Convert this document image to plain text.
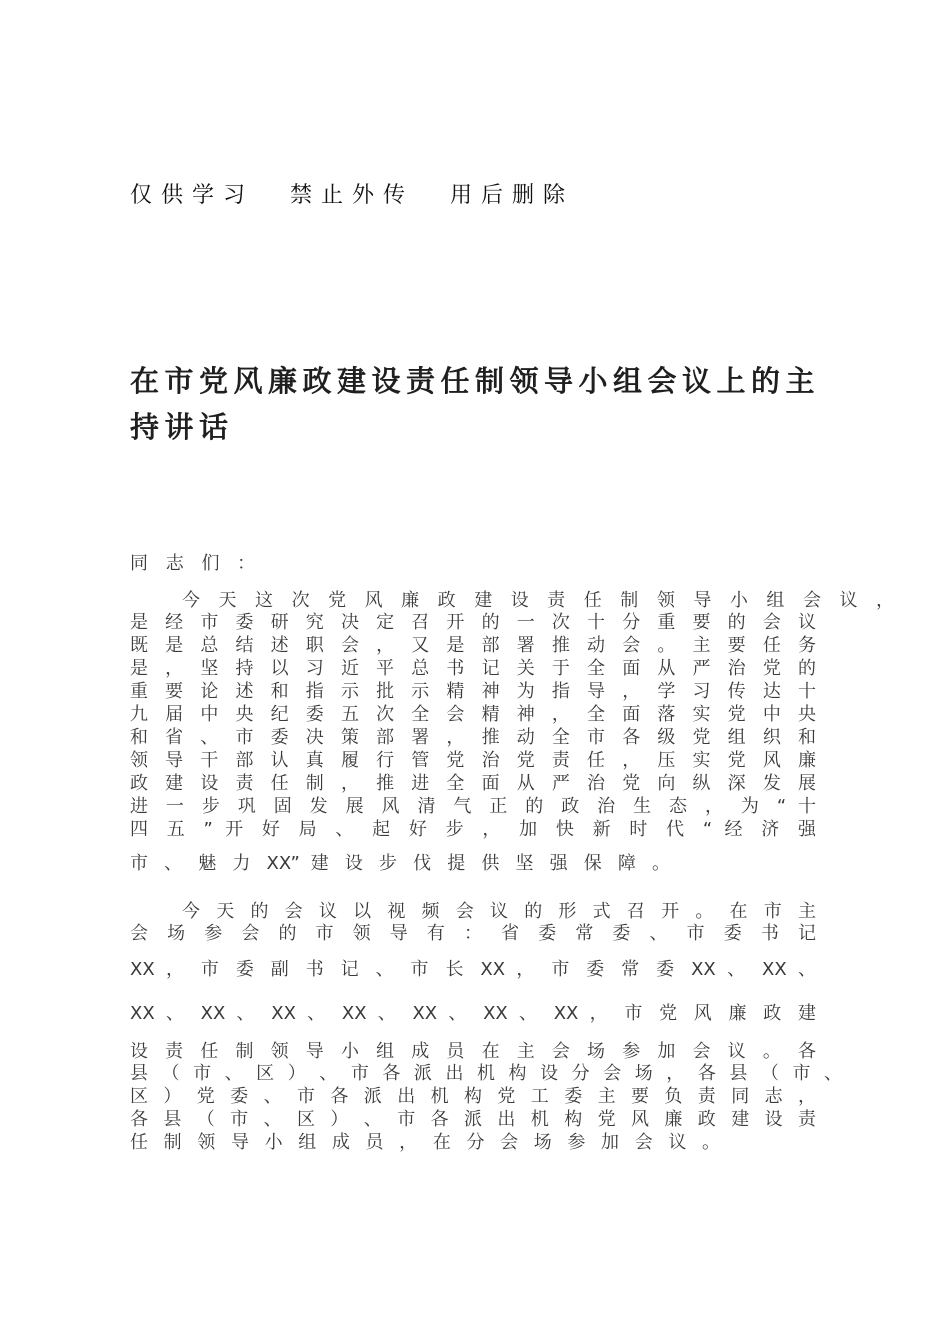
仅供学习 禁止外传 用后删除
在市党风廉政建设责任制领导小组会议上的主持讲话
同 志 们 ：
今 天 这 次 党 风 廉 政 建 设 责 任 制 领 导 小 组 会 议 ，
是 经 市 委 研 究 决 定 召 开 的 一 次 十 分 重 要 的 会 议
既 是 总 结 述 职 会 ， 又 是 部 署 推 动 会 。 主 要 任 务
是 ， 坚 持 以 习 近 平 总 书 记 关 于 全 面 从 严 治 党 的
重 要 论 述 和 指 示 批 示 精 神 为 指 导 ， 学 习 传 达 十
九 届 中 央 纪 委 五 次 全 会 精 神 ， 全 面 落 实 党 中 央
和 省 、 市 委 决 策 部 署 ， 推 动 全 市 各 级 党 组 织 和
领 导 干 部 认 真 履 行 管 党 治 党 责 任 ， 压 实 党 风 廉
政 建 设 责 任 制 ， 推 进 全 面 从 严 治 党 向 纵 深 发 展
进 一 步 巩 固 发 展 风 清 气 正 的 政 治 生 态 ， 为 “ 十
四 五 ” 开 好 局 、 起 好 步 ， 加 快 新 时 代 “ 经 济 强
市 、 魅 力 XX” 建 设 步 伐 提 供 坚 强 保 障 。
今 天 的 会 议 以 视 频 会 议 的 形 式 召 开 。 在 市 主
会 场 参 会 的 市 领 导 有 ： 省 委 常 委 、 市 委 书 记
XX ， 市 委 副 书 记 、 市 长 XX ， 市 委 常 委 XX 、 XX 、
XX 、 XX 、 XX 、 XX 、 XX 、 XX 、 XX ， 市 党 风 廉 政 建
设 责 任 制 领 导 小 组 成 员 在 主 会 场 参 加 会 议 。 各
县 （ 市 、 区 ） 、 市 各 派 出 机 构 设 分 会 场 ， 各 县 （ 市 、
区 ） 党 委 、 市 各 派 出 机 构 党 工 委 主 要 负 责 同 志 ，
各 县 （ 市 、 区 ） 、 市 各 派 出 机 构 党 风 廉 政 建 设 责
任 制 领 导 小 组 成 员 ， 在 分 会 场 参 加 会 议 。
